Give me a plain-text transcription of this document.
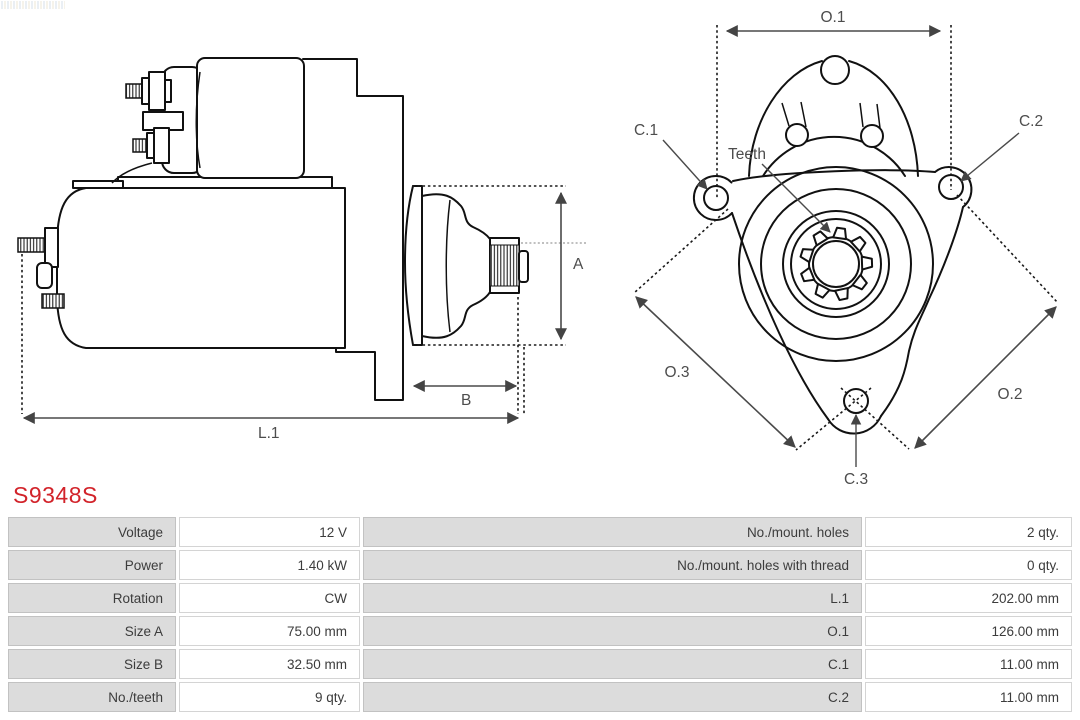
A
B
L.1
O.1
C.1
C.2
C.3
O.3
O.2
Teeth
S9348S
Voltage	12 V	No./mount. holes	2 qty.
Power	1.40 kW	No./mount. holes with thread	0 qty.
Rotation	CW	L.1	202.00 mm
Size A	75.00 mm	O.1	126.00 mm
Size B	32.50 mm	C.1	11.00 mm
No./teeth	9 qty.	C.2	11.00 mm
